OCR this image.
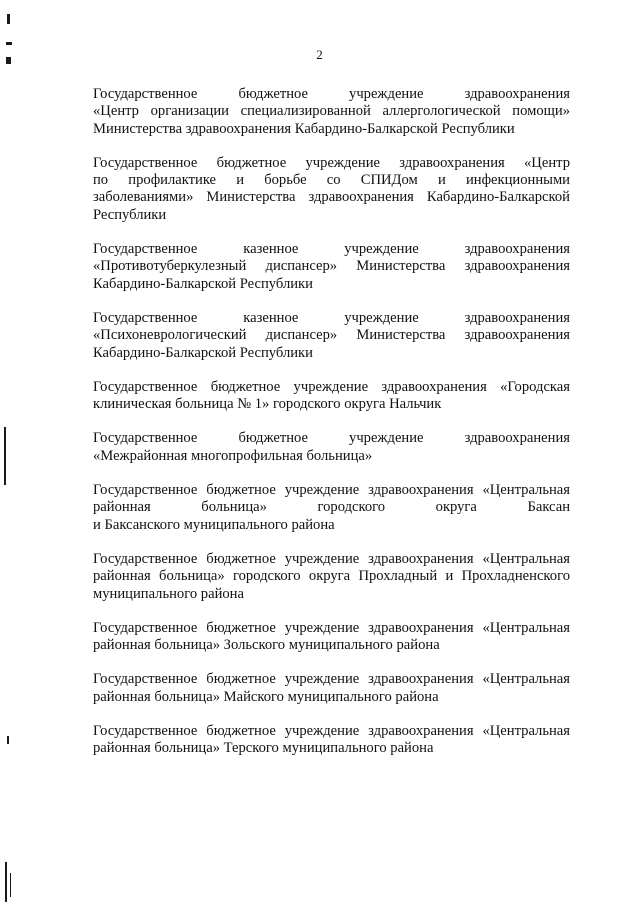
2
Государственное бюджетное учреждение здравоохранения
«Центр организации специализированной аллергологической помощи»
Министерства здравоохранения Кабардино-Балкарской Республики
Государственное бюджетное учреждение здравоохранения «Центр
по профилактике и борьбе со СПИДом и инфекционными
заболеваниями» Министерства здравоохранения Кабардино-Балкарской
Республики
Государственное казенное учреждение здравоохранения
«Противотуберкулезный диспансер» Министерства здравоохранения
Кабардино-Балкарской Республики
Государственное казенное учреждение здравоохранения
«Психоневрологический диспансер» Министерства здравоохранения
Кабардино-Балкарской Республики
Государственное бюджетное учреждение здравоохранения «Городская
клиническая больница № 1» городского округа Нальчик
Государственное бюджетное учреждение здравоохранения
«Межрайонная многопрофильная больница»
Государственное бюджетное учреждение здравоохранения «Центральная
районная больница» городского округа Баксан
и Баксанского муниципального района
Государственное бюджетное учреждение здравоохранения «Центральная
районная больница» городского округа Прохладный и Прохладненского
муниципального района
Государственное бюджетное учреждение здравоохранения «Центральная
районная больница» Зольского муниципального района
Государственное бюджетное учреждение здравоохранения «Центральная
районная больница» Майского муниципального района
Государственное бюджетное учреждение здравоохранения «Центральная
районная больница» Терского муниципального района
